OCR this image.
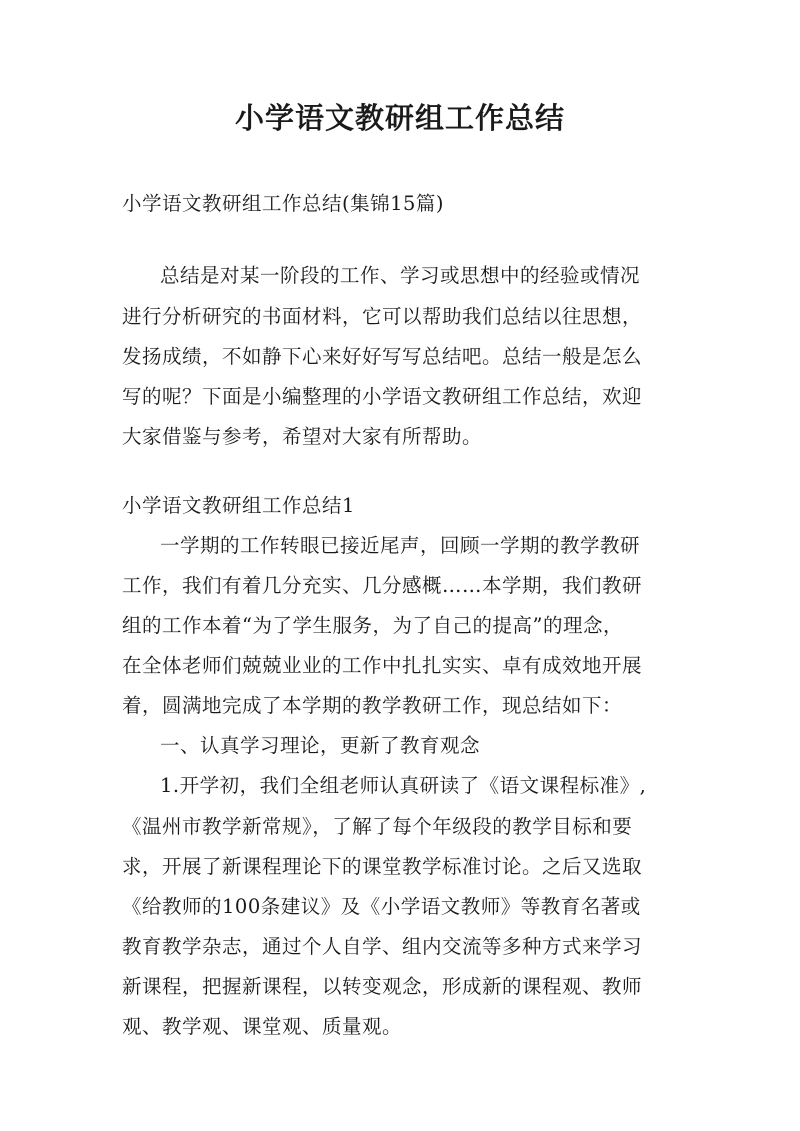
小学语文教研组工作总结
小学语文教研组工作总结(集锦15篇)
总结是对某一阶段的工作、学习或思想中的经验或情况
进行分析研究的书面材料，它可以帮助我们总结以往思想，
发扬成绩，不如静下心来好好写写总结吧。总结一般是怎么
写的呢？下面是小编整理的小学语文教研组工作总结，欢迎
大家借鉴与参考，希望对大家有所帮助。
小学语文教研组工作总结1
一学期的工作转眼已接近尾声，回顾一学期的教学教研
工作，我们有着几分充实、几分感概……本学期，我们教研
组的工作本着“为了学生服务，为了自己的提高”的理念，
在全体老师们兢兢业业的工作中扎扎实实、卓有成效地开展
着，圆满地完成了本学期的教学教研工作，现总结如下：
一、认真学习理论，更新了教育观念
1.开学初，我们全组老师认真研读了《语文课程标准》,
《温州市教学新常规》，了解了每个年级段的教学目标和要
求，开展了新课程理论下的课堂教学标准讨论。之后又选取
《给教师的100条建议》及《小学语文教师》等教育名著或
教育教学杂志，通过个人自学、组内交流等多种方式来学习
新课程，把握新课程，以转变观念，形成新的课程观、教师
观、教学观、课堂观、质量观。
